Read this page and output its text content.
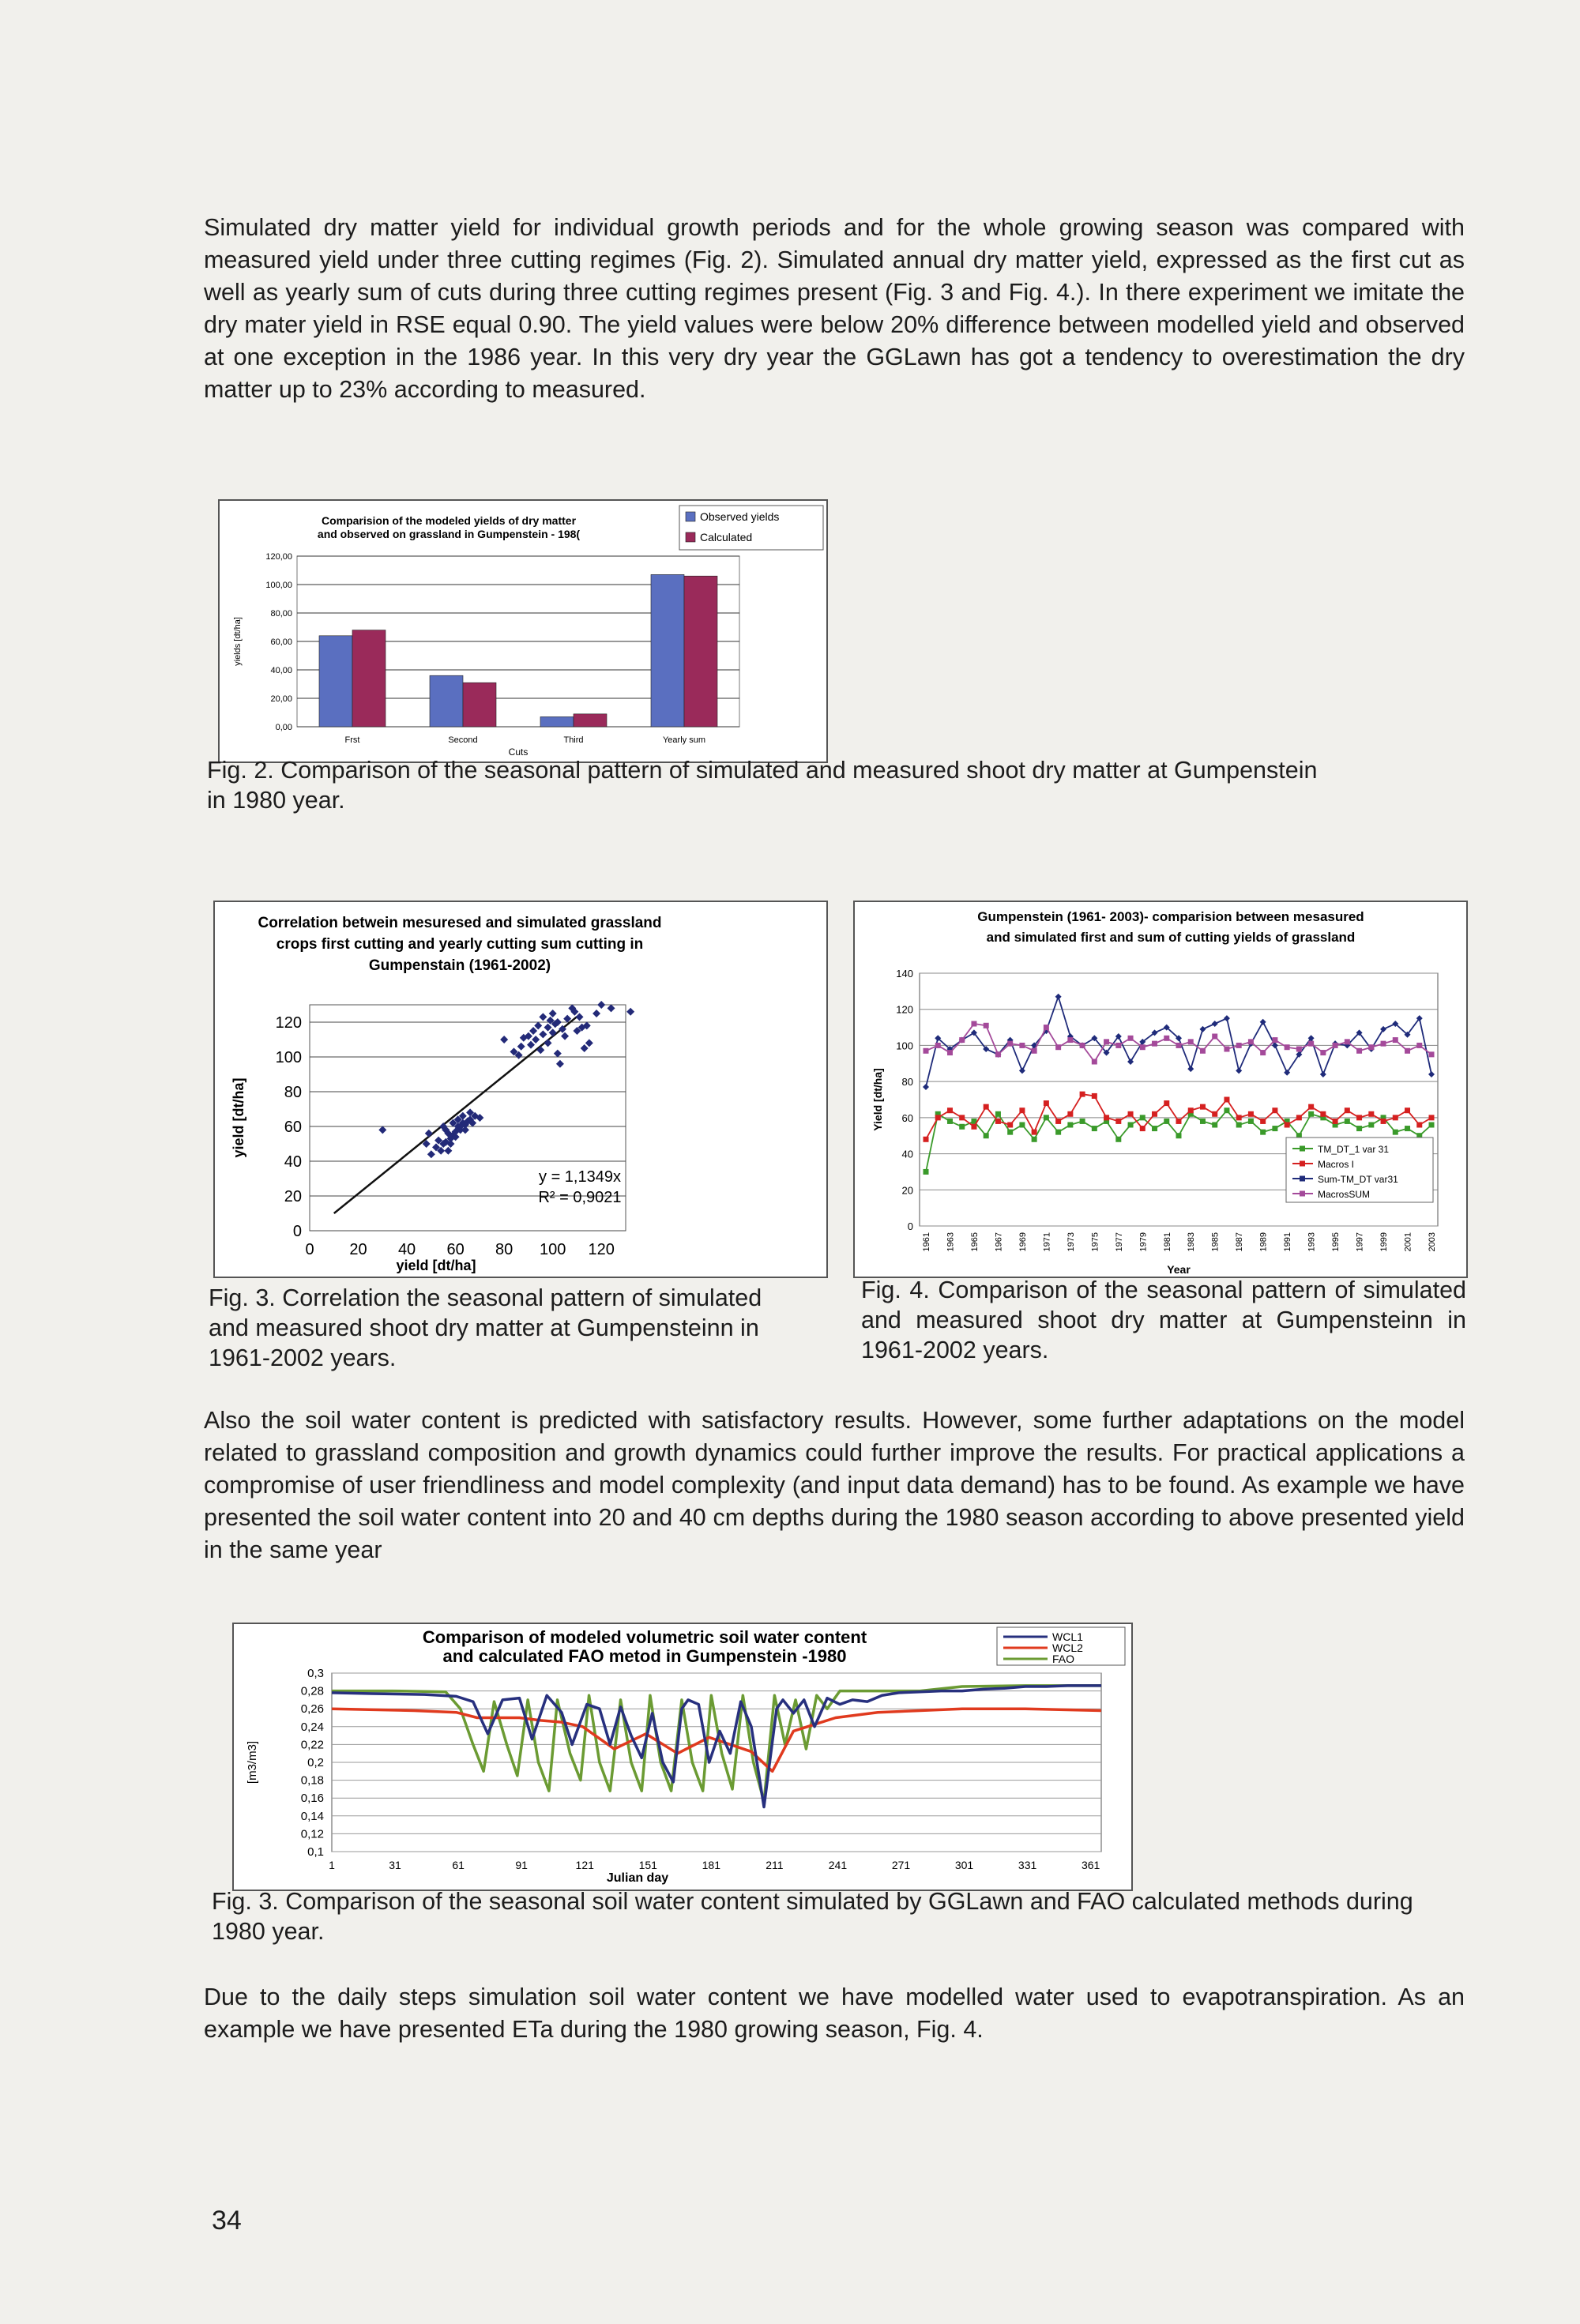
Simulated dry matter yield for individual growth periods and for the whole growing season was compared with measured yield under three cutting regimes (Fig. 2). Simulated annual dry matter yield, expressed as the first cut as well as yearly sum of cuts during three cutting regimes present (Fig. 3 and Fig. 4.). In there experiment we imitate the dry mater yield in RSE equal 0.90. The yield values were below 20% difference between modelled yield and observed at one exception in the 1986 year. In this very dry year the GGLawn has got a tendency to overestimation the dry matter up to 23% according to measured.

Comparision of the modeled yields of dry matter
and observed on grassland in Gumpenstein - 198(
0,00
20,00
40,00
60,00
80,00
100,00
120,00
yields [dt/ha]
Frst	Second	Third	Yearly sum
Cuts
Observed yields
Calculated

Fig. 2. Comparison of the seasonal pattern of simulated and measured shoot dry matter at Gumpenstein
in 1980 year.

Correlation betwein mesuresed and simulated grassland
crops first cutting and yearly cutting sum cutting in
Gumpenstain (1961-2002)
0
20
40
60
80
100
120
0 20 40 60 80 100 120
yield [dt/ha]
yield [dt/ha]
y = 1,1349x
R² = 0,9021
Gumpenstein (1961- 2003)- comparision between mesasured
and simulated first and sum of cutting yields of grassland
0
20
40
60
80
100
120
140
Yield [dt/ha]
1961 1963 1965 1967 1969 1971 1973 1975 1977 1979 1981 1983 1985 1987 1989 1991 1993 1995 1997 1999 2001 2003
Year
TM_DT_1 var 31
Macros I
Sum-TM_DT var31
MacrosSUM

Fig. 3. Correlation the seasonal pattern of simulated and measured shoot dry matter at Gumpensteinn in 1961-2002 years.

Fig. 4. Comparison of the seasonal pattern of simulated and measured shoot dry matter at Gumpensteinn in 1961-2002 years.

Also the soil water content is predicted with satisfactory results. However, some further adaptations on the model related to grassland composition and growth dynamics could further improve the results. For practical applications a compromise of user friendliness and model complexity (and input data demand) has to be found. As example we have presented the soil water content into 20 and 40 cm depths during the 1980 season according to above presented yield in the same year

Comparison of modeled volumetric soil water content
and calculated FAO metod in Gumpenstein -1980
0,1
0,12
0,14
0,16
0,18
0,2
0,22
0,24
0,26
0,28
0,3
1	31	61	91	121	151	181	211	241	271	301	331	361
Julian day
[m3/m3]
WCL1
WCL2
FAO

Fig. 3. Comparison of the seasonal soil water content simulated by GGLawn and FAO calculated methods during 1980 year.

Due to the daily steps simulation soil water content we have modelled water used to evapotranspiration. As an example we have presented ETa during the 1980 growing season, Fig. 4.

34
